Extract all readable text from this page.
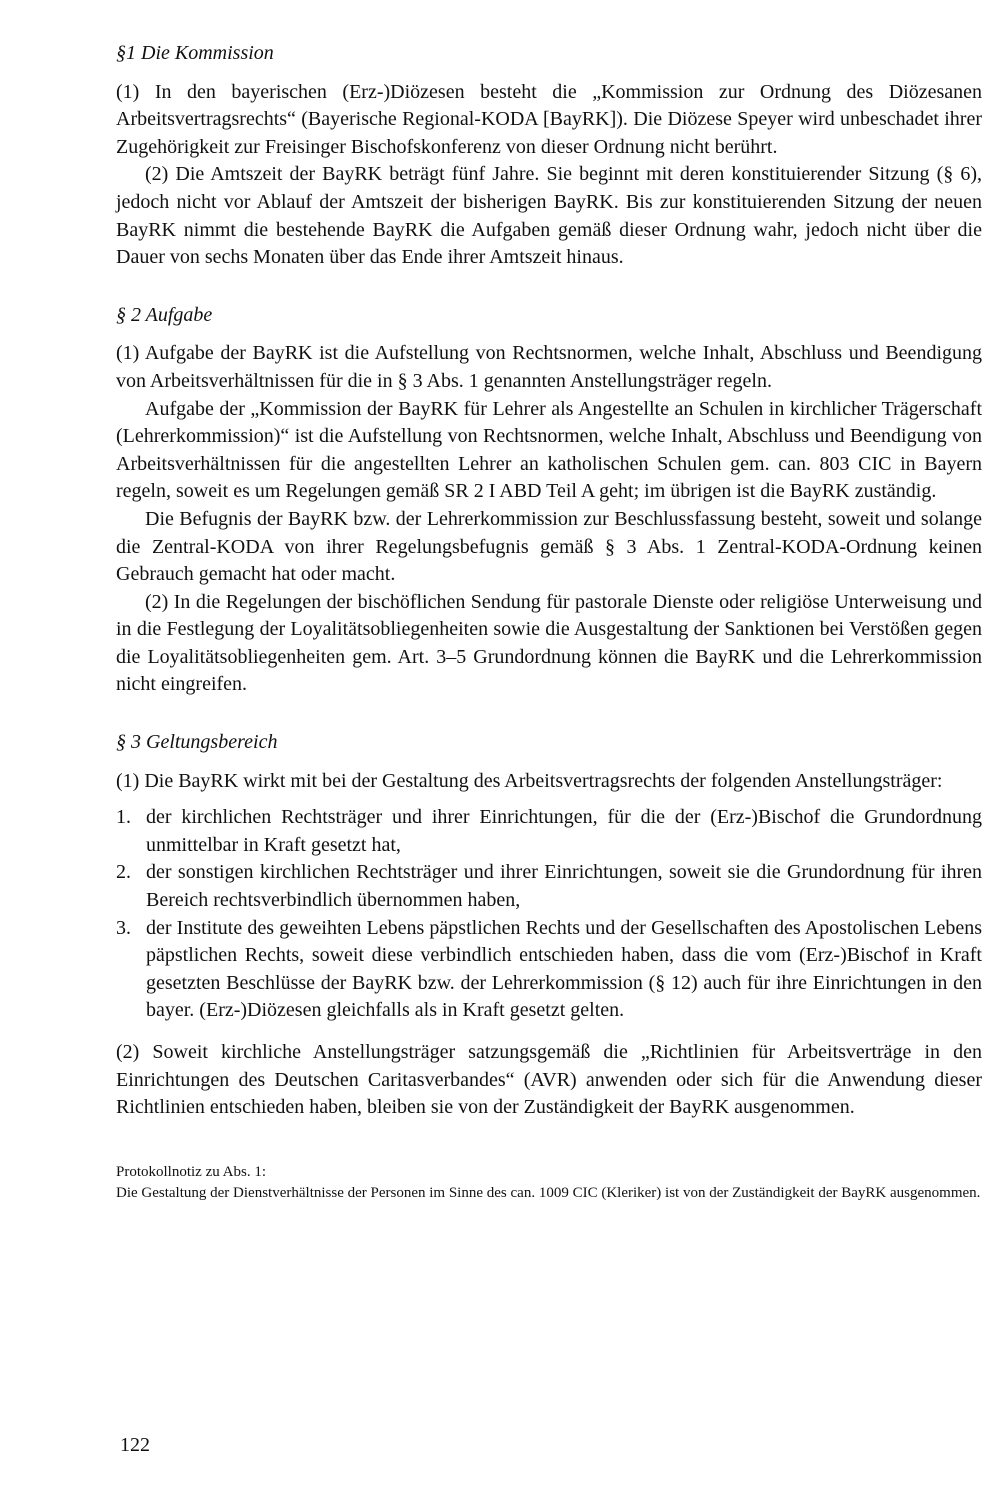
§1 Die Kommission

(1) In den bayerischen (Erz-)Diözesen besteht die „Kommission zur Ordnung des Diözesanen Arbeitsvertragsrechts“ (Bayerische Regional-KODA [BayRK]). Die Diözese Speyer wird unbeschadet ihrer Zugehörigkeit zur Freisinger Bischofskonferenz von dieser Ordnung nicht berührt.

(2) Die Amtszeit der BayRK beträgt fünf Jahre. Sie beginnt mit deren konstituierender Sitzung (§ 6), jedoch nicht vor Ablauf der Amtszeit der bisherigen BayRK. Bis zur konstituierenden Sitzung der neuen BayRK nimmt die bestehende BayRK die Aufgaben gemäß dieser Ordnung wahr, jedoch nicht über die Dauer von sechs Monaten über das Ende ihrer Amtszeit hinaus.

§ 2 Aufgabe

(1) Aufgabe der BayRK ist die Aufstellung von Rechtsnormen, welche Inhalt, Abschluss und Beendigung von Arbeitsverhältnissen für die in § 3 Abs. 1 genannten Anstellungsträger regeln.

Aufgabe der „Kommission der BayRK für Lehrer als Angestellte an Schulen in kirchlicher Trägerschaft (Lehrerkommission)“ ist die Aufstellung von Rechtsnormen, welche Inhalt, Abschluss und Beendigung von Arbeitsverhältnissen für die angestellten Lehrer an katholischen Schulen gem. can. 803 CIC in Bayern regeln, soweit es um Regelungen gemäß SR 2 I ABD Teil A geht; im übrigen ist die BayRK zuständig.

Die Befugnis der BayRK bzw. der Lehrerkommission zur Beschlussfassung besteht, soweit und solange die Zentral-KODA von ihrer Regelungsbefugnis gemäß § 3 Abs. 1 Zentral-KODA-Ordnung keinen Gebrauch gemacht hat oder macht.

(2) In die Regelungen der bischöflichen Sendung für pastorale Dienste oder religiöse Unterweisung und in die Festlegung der Loyalitätsobliegenheiten sowie die Ausgestaltung der Sanktionen bei Verstößen gegen die Loyalitätsobliegenheiten gem. Art. 3–5 Grundordnung können die BayRK und die Lehrerkommission nicht eingreifen.

§ 3 Geltungsbereich

(1) Die BayRK wirkt mit bei der Gestaltung des Arbeitsvertragsrechts der folgenden Anstellungsträger:

1. der kirchlichen Rechtsträger und ihrer Einrichtungen, für die der (Erz-)Bischof die Grundordnung unmittelbar in Kraft gesetzt hat,
2. der sonstigen kirchlichen Rechtsträger und ihrer Einrichtungen, soweit sie die Grundordnung für ihren Bereich rechtsverbindlich übernommen haben,
3. der Institute des geweihten Lebens päpstlichen Rechts und der Gesellschaften des Apostolischen Lebens päpstlichen Rechts, soweit diese verbindlich entschieden haben, dass die vom (Erz-)Bischof in Kraft gesetzten Beschlüsse der BayRK bzw. der Lehrerkommission (§ 12) auch für ihre Einrichtungen in den bayer. (Erz-)Diözesen gleichfalls als in Kraft gesetzt gelten.

(2) Soweit kirchliche Anstellungsträger satzungsgemäß die „Richtlinien für Arbeitsverträge in den Einrichtungen des Deutschen Caritasverbandes“ (AVR) anwenden oder sich für die Anwendung dieser Richtlinien entschieden haben, bleiben sie von der Zuständigkeit der BayRK ausgenommen.

Protokollnotiz zu Abs. 1:

Die Gestaltung der Dienstverhältnisse der Personen im Sinne des can. 1009 CIC (Kleriker) ist von der Zuständigkeit der BayRK ausgenommen.

122
